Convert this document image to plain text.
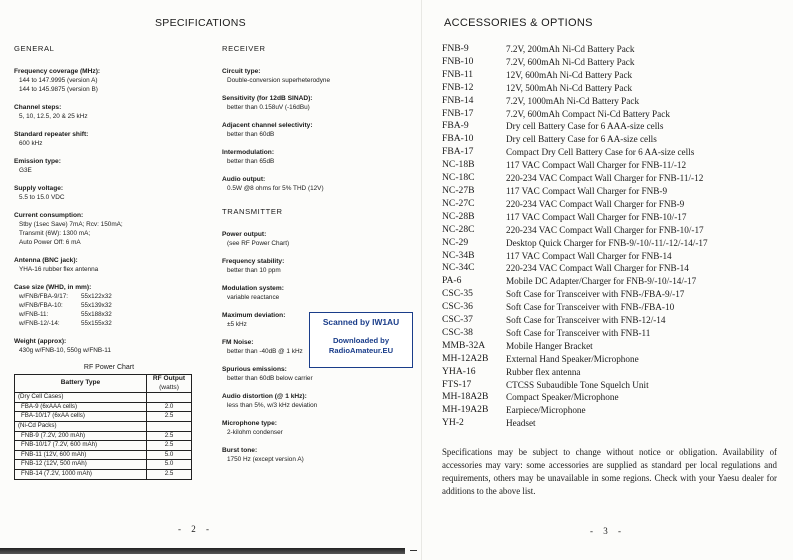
SPECIFICATIONS
GENERAL
Frequency coverage (MHz):
144 to 147.9995 (version A)
144 to 145.9875 (version B)
Channel steps:
5, 10, 12.5, 20 & 25 kHz
Standard repeater shift:
600 kHz
Emission type:
G3E
Supply voltage:
5.5 to 15.0 VDC
Current consumption:
Stby (1sec Save) 7mA; Rcv: 150mA;
Transmit (6W): 1300 mA;
Auto Power Off: 6 mA
Antenna (BNC jack):
YHA-16 rubber flex antenna
Case size (WHD, in mm):
w/FNB/FBA-9/17:	55x122x32
w/FNB/FBA-10:	55x139x32
w/FNB-11:	55x188x32
w/FNB-12/-14:	55x155x32
Weight (approx):
430g w/FNB-10, 550g w/FNB-11
RF Power Chart
Battery Type	RF Output
(watts)
(Dry Cell Cases)	
FBA-9 (6xAAA cells)	2.0
FBA-10/17 (6xAA cells)	2.5
(Ni-Cd Packs)	
FNB-9 (7.2V, 200 mAh)	2.5
FNB-10/17 (7.2V, 600 mAh)	2.5
FNB-11 (12V, 600 mAh)	5.0
FNB-12 (12V, 500 mAh)	5.0
FNB-14 (7.2V, 1000 mAh)	2.5
RECEIVER
Circuit type:
Double-conversion superheterodyne
Sensitivity (for 12dB SINAD):
better than 0.158uV (-16dBu)
Adjacent channel selectivity:
better than 60dB
Intermodulation:
better than 65dB
Audio output:
0.5W @8 ohms for 5% THD (12V)
TRANSMITTER
Power output:
(see RF Power Chart)
Frequency stability:
better than 10 ppm
Modulation system:
variable reactance
Maximum deviation:
±5 kHz
FM Noise:
better than -40dB @ 1 kHz
Spurious emissions:
better than 60dB below carrier
Audio distortion (@ 1 kHz):
less than 5%, w/3 kHz deviation
Microphone type:
2-kilohm condenser
Burst tone:
1750 Hz (except version A)
Scanned by IW1AU
Downloaded by
RadioAmateur.EU
- 2 -
ACCESSORIES & OPTIONS
FNB-9	7.2V, 200mAh Ni-Cd Battery Pack
FNB-10	7.2V, 600mAh Ni-Cd Battery Pack
FNB-11	12V, 600mAh Ni-Cd Battery Pack
FNB-12	12V, 500mAh Ni-Cd Battery Pack
FNB-14	7.2V, 1000mAh Ni-Cd Battery Pack
FNB-17	7.2V, 600mAh Compact Ni-Cd Battery Pack
FBA-9	Dry cell Battery Case for 6 AAA-size cells
FBA-10	Dry cell Battery Case for 6 AA-size cells
FBA-17	Compact Dry Cell Battery Case for 6 AA-size cells
NC-18B	117 VAC Compact Wall Charger for FNB-11/-12
NC-18C	220-234 VAC Compact Wall Charger for FNB-11/-12
NC-27B	117 VAC Compact Wall Charger for FNB-9
NC-27C	220-234 VAC Compact Wall Charger for FNB-9
NC-28B	117 VAC Compact Wall Charger for FNB-10/-17
NC-28C	220-234 VAC Compact Wall Charger for FNB-10/-17
NC-29	Desktop Quick Charger for FNB-9/-10/-11/-12/-14/-17
NC-34B	117 VAC Compact Wall Charger for FNB-14
NC-34C	220-234 VAC Compact Wall Charger for FNB-14
PA-6	Mobile DC Adapter/Charger for FNB-9/-10/-14/-17
CSC-35	Soft Case for Transceiver with FNB-/FBA-9/-17
CSC-36	Soft Case for Transceiver with FNB-/FBA-10
CSC-37	Soft Case for Transceiver with FNB-12/-14
CSC-38	Soft Case for Transceiver with FNB-11
MMB-32A	Mobile Hanger Bracket
MH-12A2B	External Hand Speaker/Microphone
YHA-16	Rubber flex antenna
FTS-17	CTCSS Subaudible Tone Squelch Unit
MH-18A2B	Compact Speaker/Microphone
MH-19A2B	Earpiece/Microphone
YH-2	Headset
Specifications may be subject to change without notice or obligation. Availability of accessories may vary: some accessories are supplied as standard per local regulations and requirements, others may be unavailable in some regions. Check with your Yaesu dealer for additions to the above list.
- 3 -
